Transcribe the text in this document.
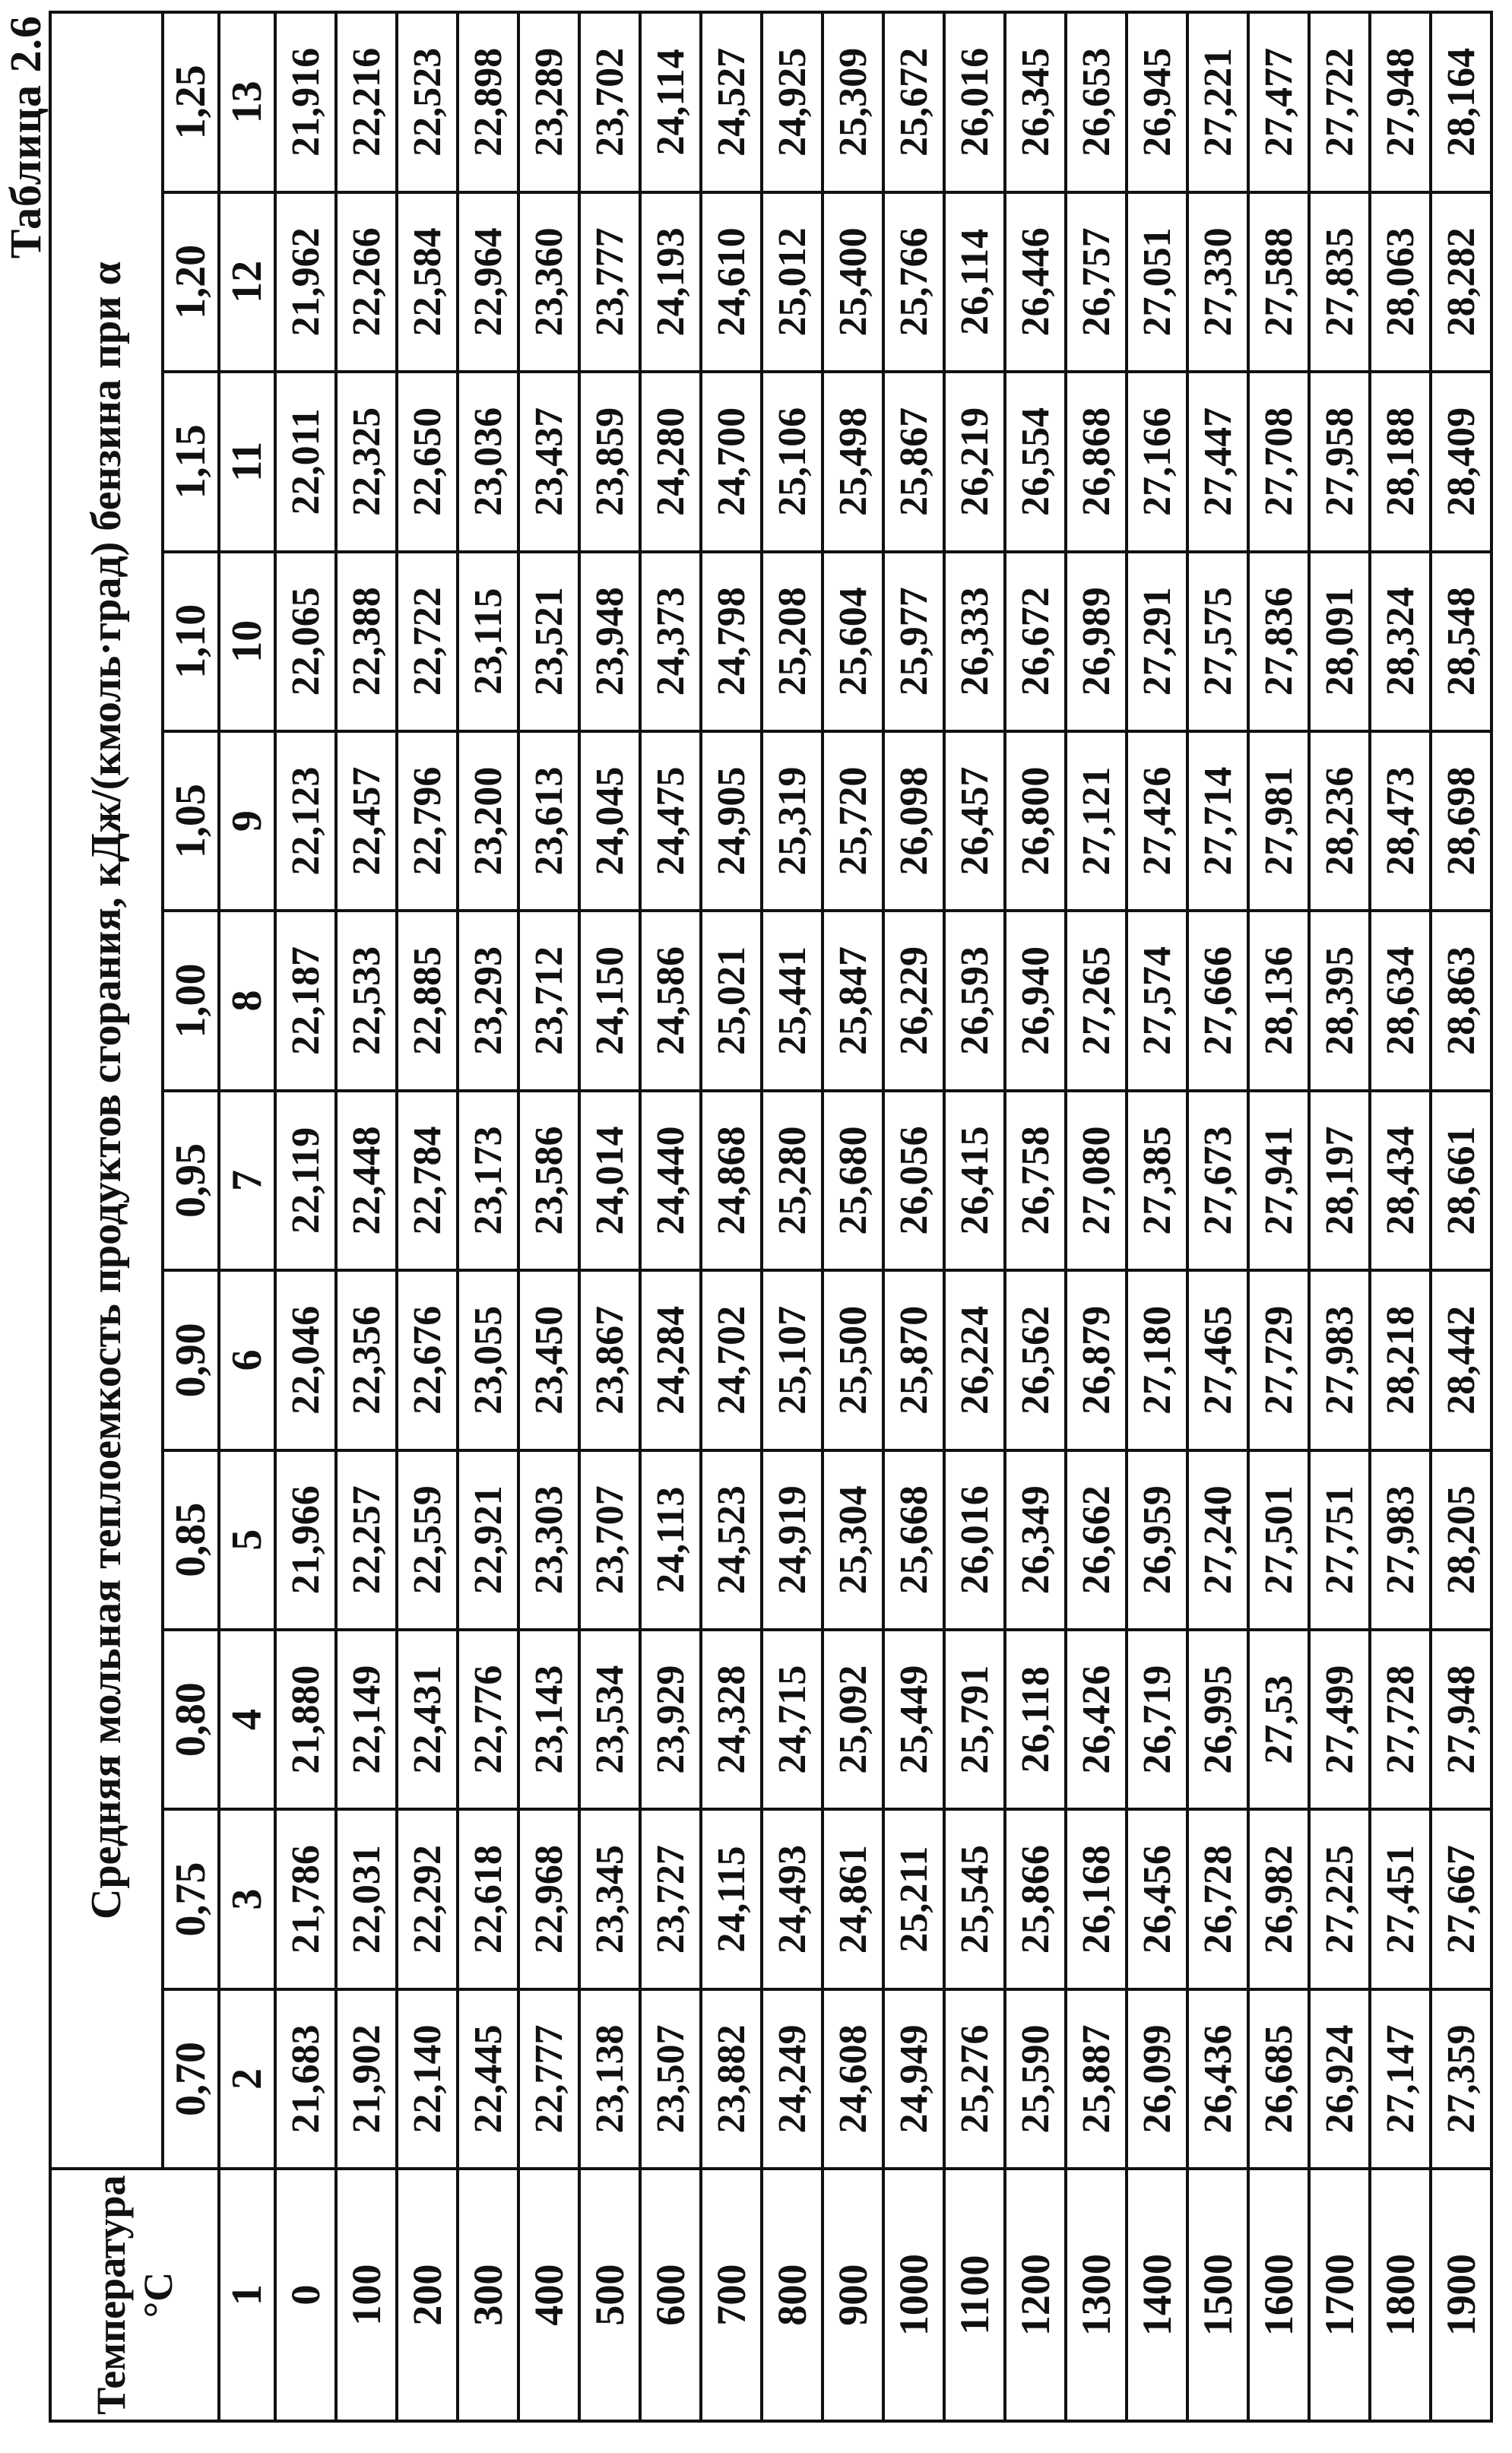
Таблица 2.6
Температура °C	Средняя мольная теплоемкость продуктов сгорания, кДж/(кмоль·град) бензина при α											
	0,70	0,75	0,80	0,85	0,90	0,95	1,00	1,05	1,10	1,15	1,20	1,25
1	2	3	4	5	6	7	8	9	10	11	12	13
0	21,683	21,786	21,880	21,966	22,046	22,119	22,187	22,123	22,065	22,011	21,962	21,916
100	21,902	22,031	22,149	22,257	22,356	22,448	22,533	22,457	22,388	22,325	22,266	22,216
200	22,140	22,292	22,431	22,559	22,676	22,784	22,885	22,796	22,722	22,650	22,584	22,523
300	22,445	22,618	22,776	22,921	23,055	23,173	23,293	23,200	23,115	23,036	22,964	22,898
400	22,777	22,968	23,143	23,303	23,450	23,586	23,712	23,613	23,521	23,437	23,360	23,289
500	23,138	23,345	23,534	23,707	23,867	24,014	24,150	24,045	23,948	23,859	23,777	23,702
600	23,507	23,727	23,929	24,113	24,284	24,440	24,586	24,475	24,373	24,280	24,193	24,114
700	23,882	24,115	24,328	24,523	24,702	24,868	25,021	24,905	24,798	24,700	24,610	24,527
800	24,249	24,493	24,715	24,919	25,107	25,280	25,441	25,319	25,208	25,106	25,012	24,925
900	24,608	24,861	25,092	25,304	25,500	25,680	25,847	25,720	25,604	25,498	25,400	25,309
1000	24,949	25,211	25,449	25,668	25,870	26,056	26,229	26,098	25,977	25,867	25,766	25,672
1100	25,276	25,545	25,791	26,016	26,224	26,415	26,593	26,457	26,333	26,219	26,114	26,016
1200	25,590	25,866	26,118	26,349	26,562	26,758	26,940	26,800	26,672	26,554	26,446	26,345
1300	25,887	26,168	26,426	26,662	26,879	27,080	27,265	27,121	26,989	26,868	26,757	26,653
1400	26,099	26,456	26,719	26,959	27,180	27,385	27,574	27,426	27,291	27,166	27,051	26,945
1500	26,436	26,728	26,995	27,240	27,465	27,673	27,666	27,714	27,575	27,447	27,330	27,221
1600	26,685	26,982	27,53	27,501	27,729	27,941	28,136	27,981	27,836	27,708	27,588	27,477
1700	26,924	27,225	27,499	27,751	27,983	28,197	28,395	28,236	28,091	27,958	27,835	27,722
1800	27,147	27,451	27,728	27,983	28,218	28,434	28,634	28,473	28,324	28,188	28,063	27,948
1900	27,359	27,667	27,948	28,205	28,442	28,661	28,863	28,698	28,548	28,409	28,282	28,164
